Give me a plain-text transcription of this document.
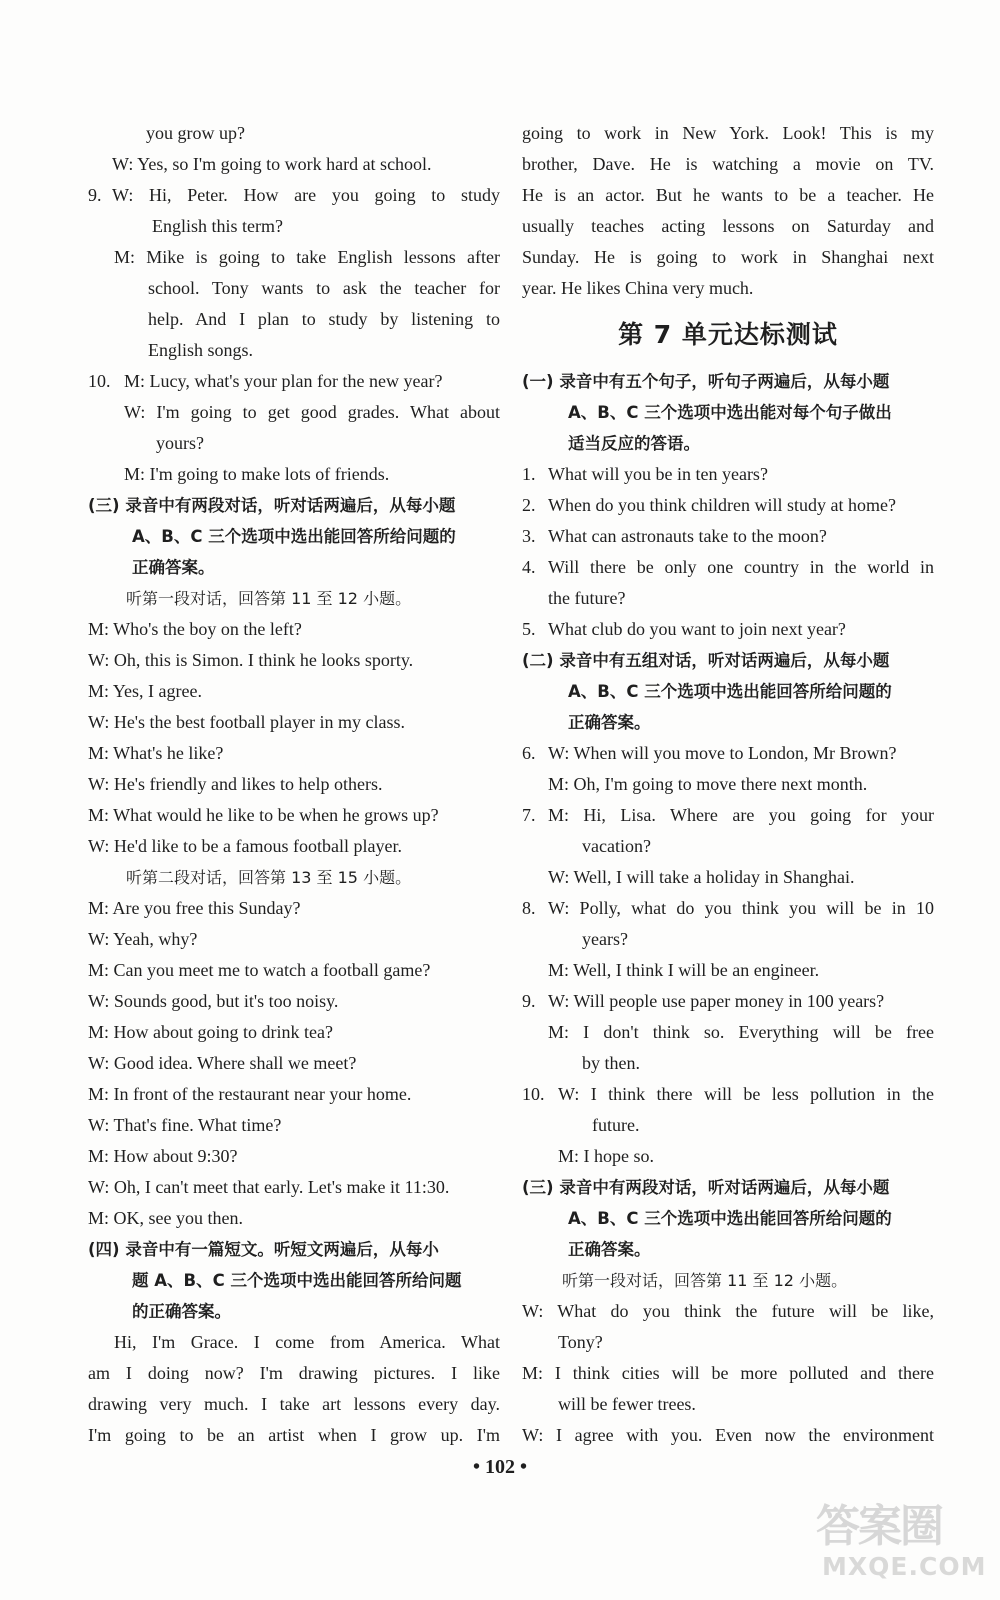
you grow up?
W: Yes, so I'm going to work hard at school.
9. W: Hi, Peter. How are you going to study
English this term?
M: Mike is going to take English lessons after
school. Tony wants to ask the teacher for
help. And I plan to study by listening to
English songs.
10. M: Lucy, what's your plan for the new year?
W: I'm going to get good grades. What about
yours?
M: I'm going to make lots of friends.
(三) 录音中有两段对话，听对话两遍后，从每小题
A、B、C 三个选项中选出能回答所给问题的
正确答案。
听第一段对话，回答第 11 至 12 小题。
M: Who's the boy on the left?
W: Oh, this is Simon. I think he looks sporty.
M: Yes, I agree.
W: He's the best football player in my class.
M: What's he like?
W: He's friendly and likes to help others.
M: What would he like to be when he grows up?
W: He'd like to be a famous football player.
听第二段对话，回答第 13 至 15 小题。
M: Are you free this Sunday?
W: Yeah, why?
M: Can you meet me to watch a football game?
W: Sounds good, but it's too noisy.
M: How about going to drink tea?
W: Good idea. Where shall we meet?
M: In front of the restaurant near your home.
W: That's fine. What time?
M: How about 9:30?
W: Oh, I can't meet that early. Let's make it 11:30.
M: OK, see you then.
(四) 录音中有一篇短文。听短文两遍后，从每小
题 A、B、C 三个选项中选出能回答所给问题
的正确答案。
Hi, I'm Grace. I come from America. What
am I doing now? I'm drawing pictures. I like
drawing very much. I take art lessons every day.
I'm going to be an artist when I grow up. I'm
going to work in New York. Look! This is my
brother, Dave. He is watching a movie on TV.
He is an actor. But he wants to be a teacher. He
usually teaches acting lessons on Saturday and
Sunday. He is going to work in Shanghai next
year. He likes China very much.
第 7 单元达标测试
(一) 录音中有五个句子，听句子两遍后，从每小题
A、B、C 三个选项中选出能对每个句子做出
适当反应的答语。
1. What will you be in ten years?
2. When do you think children will study at home?
3. What can astronauts take to the moon?
4. Will there be only one country in the world in
the future?
5. What club do you want to join next year?
(二) 录音中有五组对话，听对话两遍后，从每小题
A、B、C 三个选项中选出能回答所给问题的
正确答案。
6. W: When will you move to London, Mr Brown?
M: Oh, I'm going to move there next month.
7. M: Hi, Lisa. Where are you going for your
vacation?
W: Well, I will take a holiday in Shanghai.
8. W: Polly, what do you think you will be in 10
years?
M: Well, I think I will be an engineer.
9. W: Will people use paper money in 100 years?
M: I don't think so. Everything will be free
by then.
10. W: I think there will be less pollution in the
future.
M: I hope so.
(三) 录音中有两段对话，听对话两遍后，从每小题
A、B、C 三个选项中选出能回答所给问题的
正确答案。
听第一段对话，回答第 11 至 12 小题。
W: What do you think the future will be like,
Tony?
M: I think cities will be more polluted and there
will be fewer trees.
W: I agree with you. Even now the environment
• 102 •
答案圈
MXQE.COM
